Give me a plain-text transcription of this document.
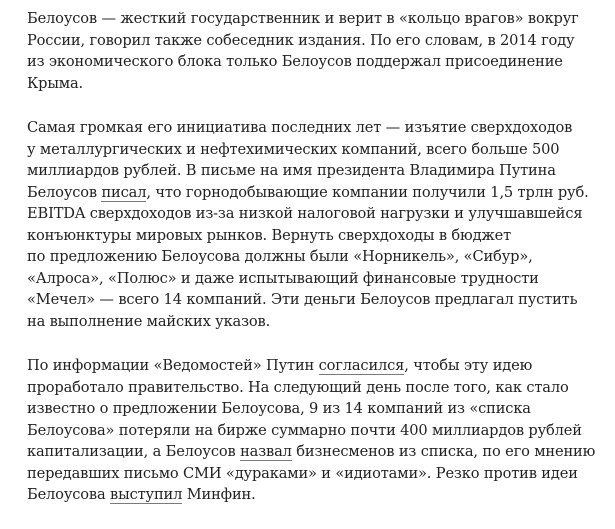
Белоусов — жесткий государственник и верит в «кольцо врагов» вокруг
России, говорил также собеседник издания. По его словам, в 2014 году
из экономического блока только Белоусов поддержал присоединение
Крыма.

Самая громкая его инициатива последних лет — изъятие сверхдоходов
у металлургических и нефтехимических компаний, всего больше 500
миллиардов рублей. В письме на имя президента Владимира Путина
Белоусов писал, что горнодобывающие компании получили 1,5 трлн руб.
EBITDA сверхдоходов из-за низкой налоговой нагрузки и улучшавшейся
конъюнктуры мировых рынков. Вернуть сверхдоходы в бюджет
по предложению Белоусова должны были «Норникель», «Сибур»,
«Алроса», «Полюс» и даже испытывающий финансовые трудности
«Мечел» — всего 14 компаний. Эти деньги Белоусов предлагал пустить
на выполнение майских указов.

По информации «Ведомостей» Путин согласился, чтобы эту идею
проработало правительство. На следующий день после того, как стало
известно о предложении Белоусова, 9 из 14 компаний из «списка
Белоусова» потеряли на бирже суммарно почти 400 миллиардов рублей
капитализации, а Белоусов назвал бизнесменов из списка, по его мнению
передавших письмо СМИ «дураками» и «идиотами». Резко против идеи
Белоусова выступил Минфин.
